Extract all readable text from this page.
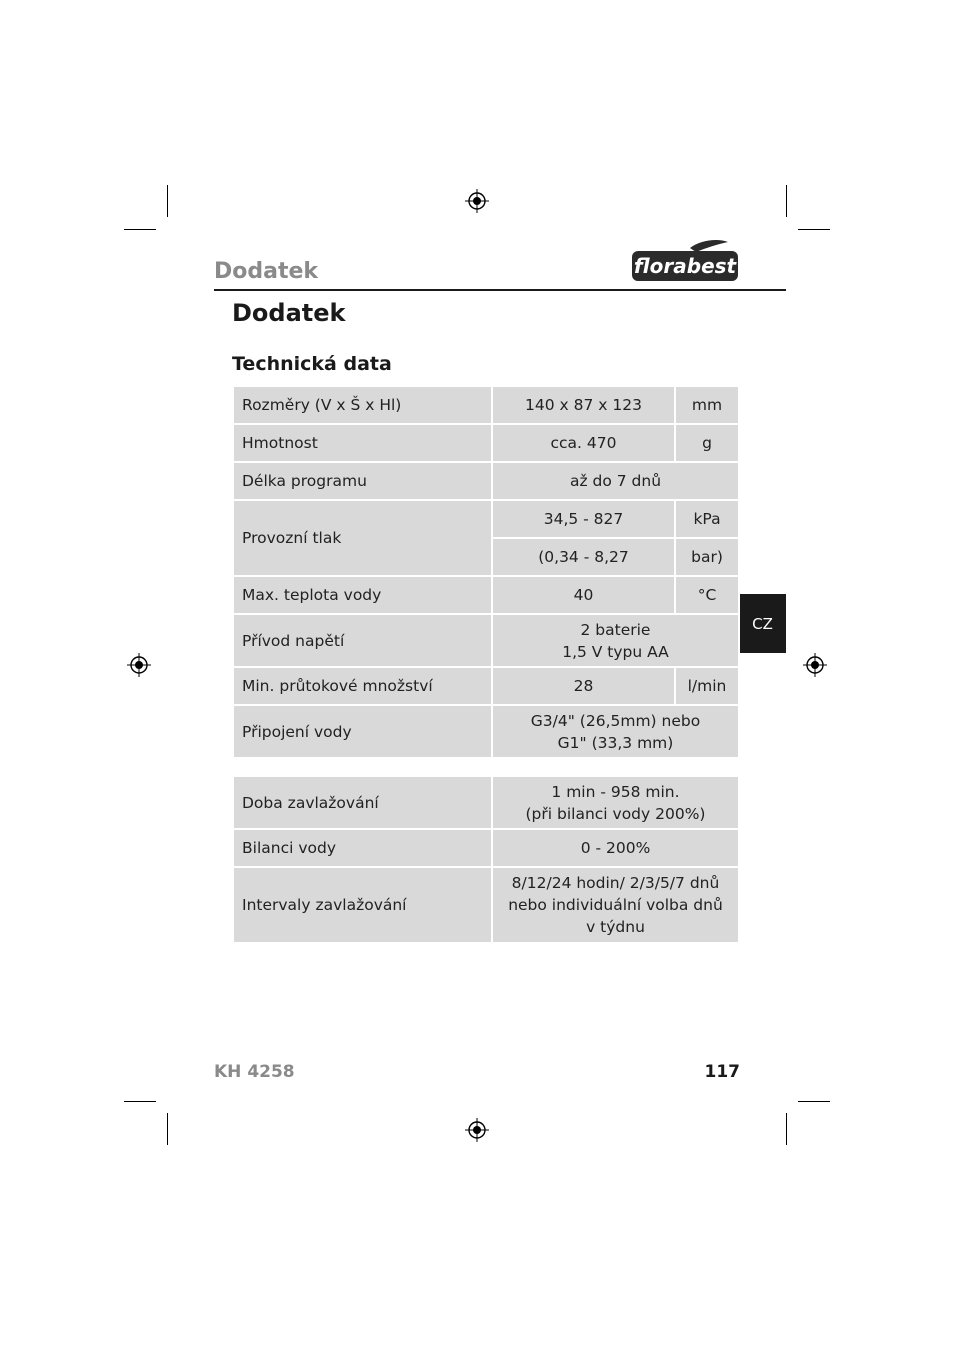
Dodatek	florabest
Dodatek
Technická data
CZ
Rozměry (V x Š x Hl)	140 x 87 x 123	mm
Hmotnost	cca. 470	g
Délka programu	až do 7 dnů	
Provozní tlak	34,5 - 827	kPa
	(0,34 - 8,27	bar)
Max. teplota vody	40	°C
Přívod napětí	2 baterie
1,5 V typu AA	

Min. průtokové množství	28	l/min
Připojení vody	G3/4" (26,5mm) nebo
G1" (33,3 mm)	
Doba zavlažování	1 min - 958 min.
(při bilanci vody 200%)

Bilanci vody	0 - 200%
Intervaly zavlažování	8/12/24 hodin/ 2/3/5/7 dnů
nebo individuální volba dnů
v týdnu
KH 4258	117
